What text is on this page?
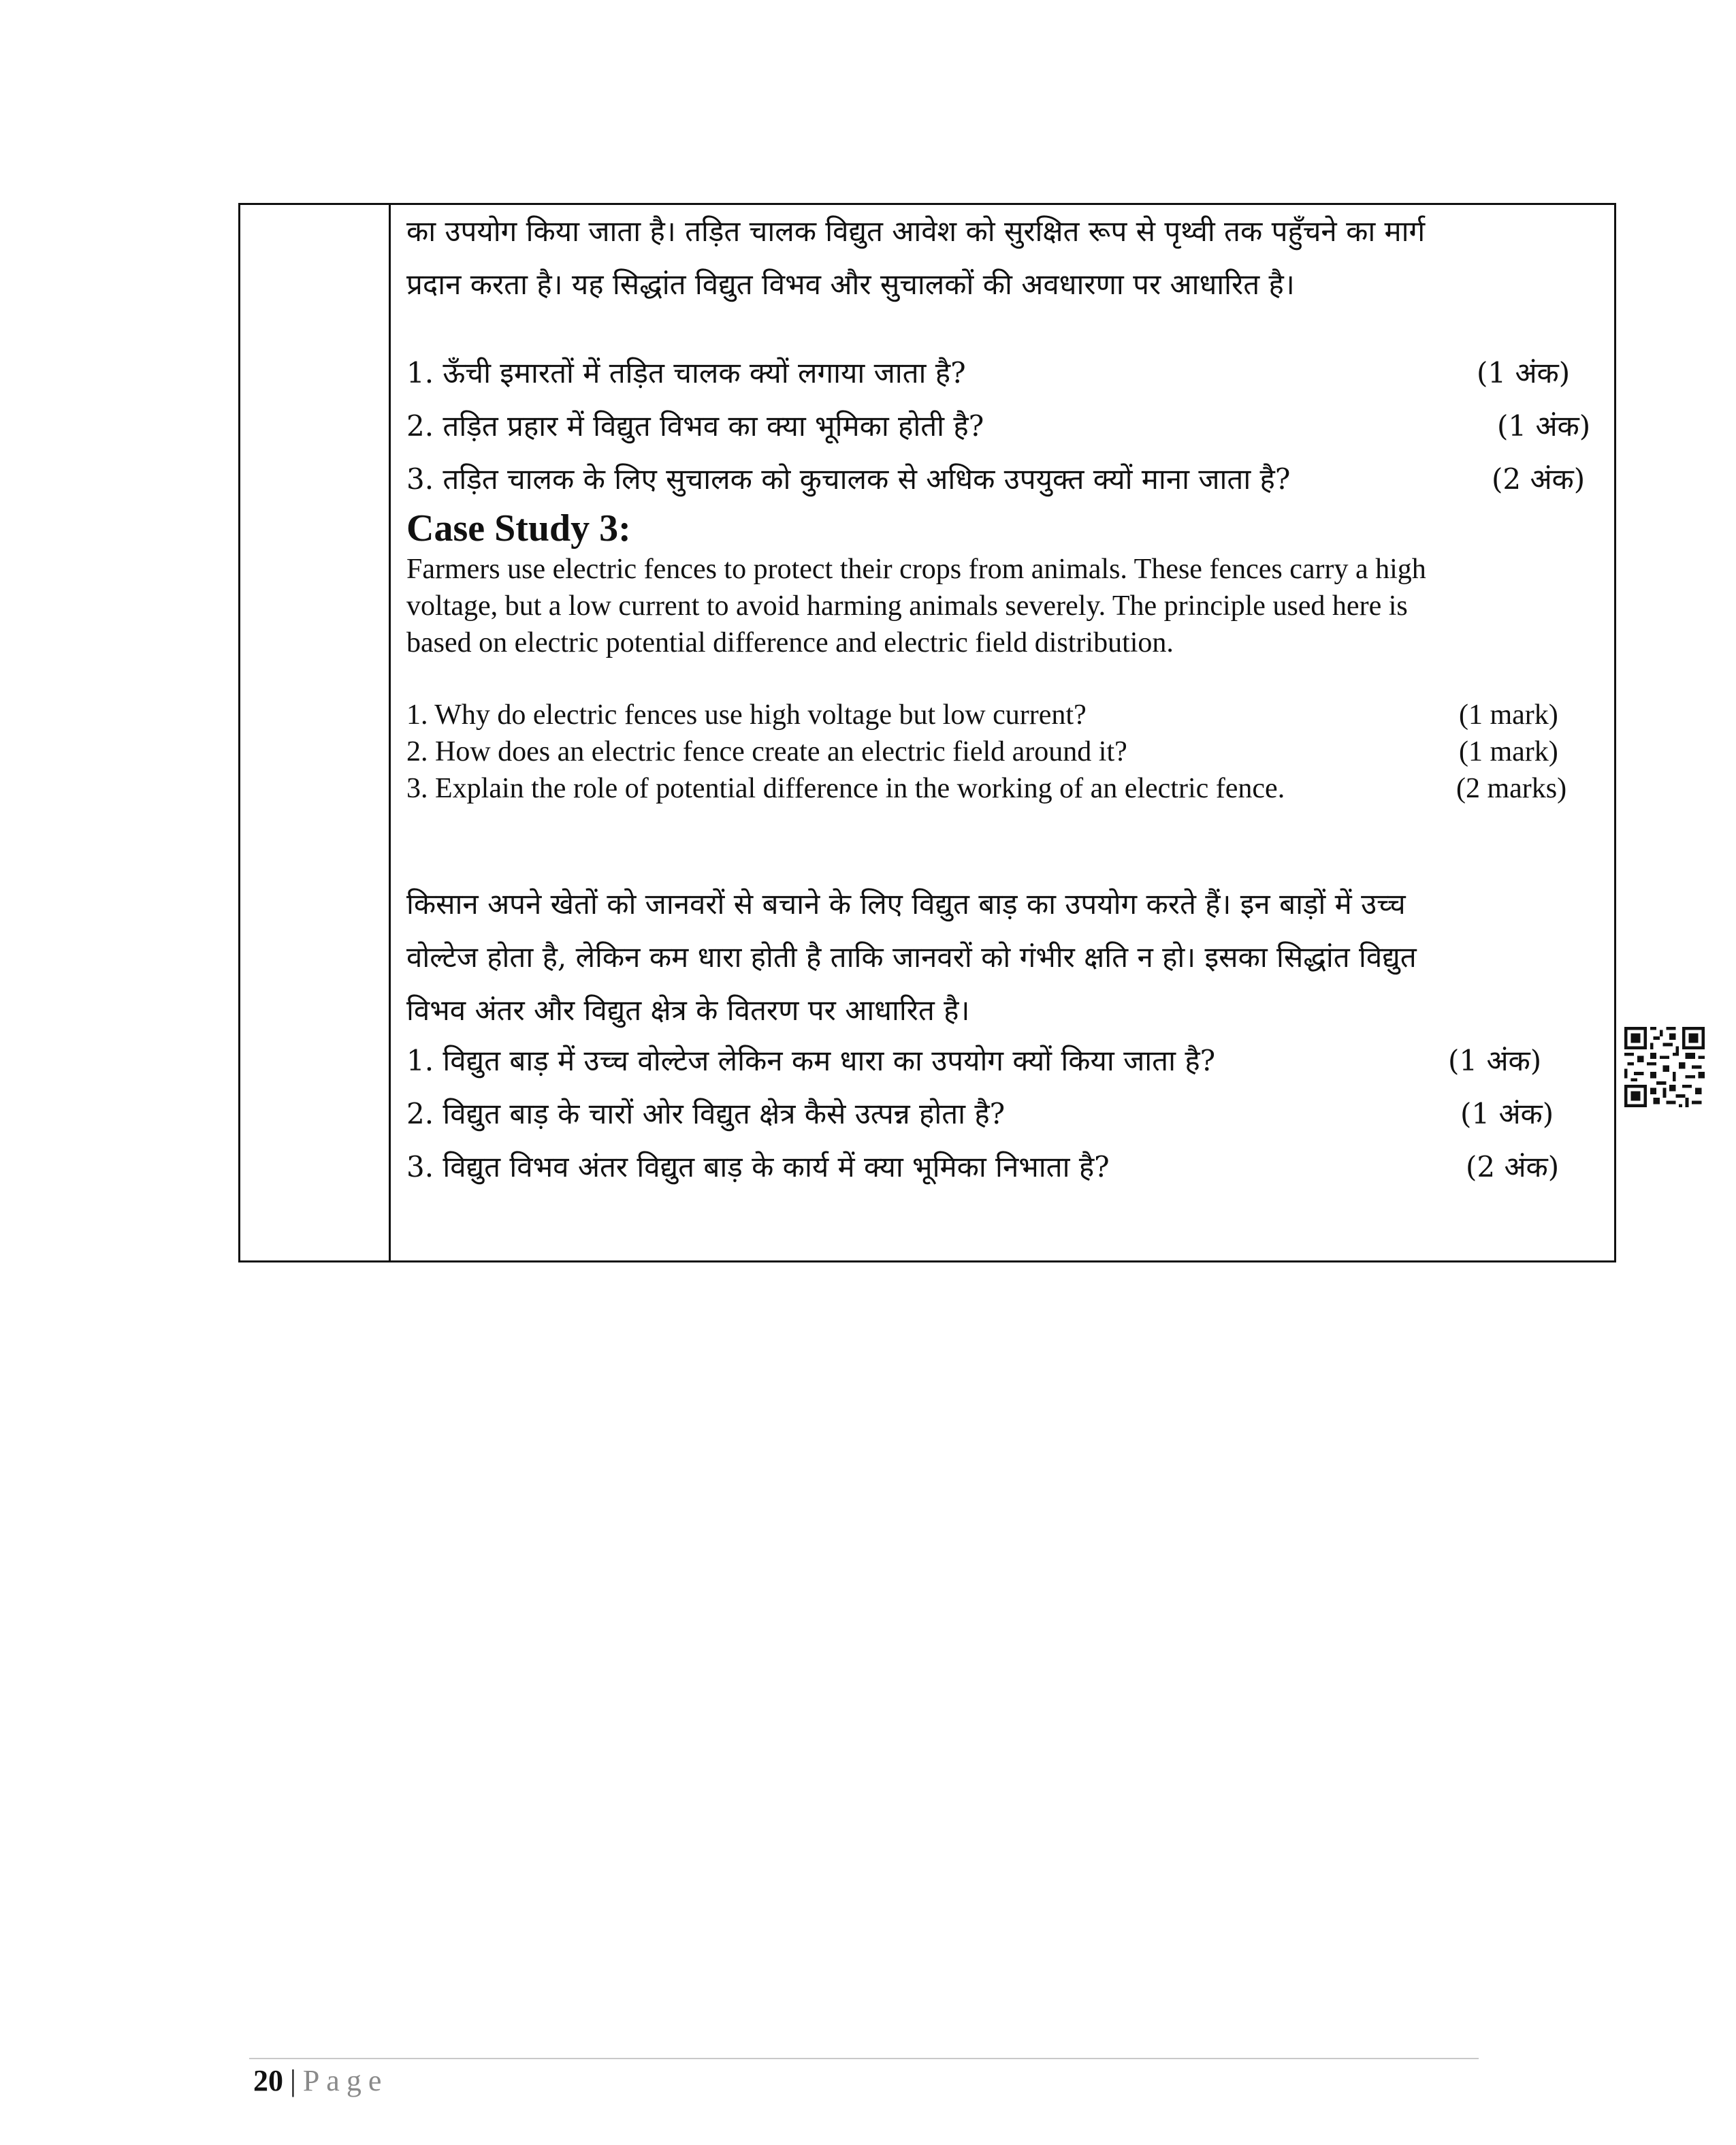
का उपयोग किया जाता है। तड़ित चालक विद्युत आवेश को सुरक्षित रूप से पृथ्वी तक पहुँचने का मार्ग
प्रदान करता है। यह सिद्धांत विद्युत विभव और सुचालकों की अवधारणा पर आधारित है।
1. ऊँची इमारतों में तड़ित चालक क्यों लगाया जाता है?	(1 अंक)
2. तड़ित प्रहार में विद्युत विभव का क्या भूमिका होती है?	(1 अंक)
3. तड़ित चालक के लिए सुचालक को कुचालक से अधिक उपयुक्त क्यों माना जाता है?	(2 अंक)
Case Study 3:
Farmers use electric fences to protect their crops from animals. These fences carry a high
voltage, but a low current to avoid harming animals severely. The principle used here is
based on electric potential difference and electric field distribution.
1. Why do electric fences use high voltage but low current?	(1 mark)
2. How does an electric fence create an electric field around it?	(1 mark)
3. Explain the role of potential difference in the working of an electric fence.	(2 marks)
किसान अपने खेतों को जानवरों से बचाने के लिए विद्युत बाड़ का उपयोग करते हैं। इन बाड़ों में उच्च
वोल्टेज होता है, लेकिन कम धारा होती है ताकि जानवरों को गंभीर क्षति न हो। इसका सिद्धांत विद्युत
विभव अंतर और विद्युत क्षेत्र के वितरण पर आधारित है।
1. विद्युत बाड़ में उच्च वोल्टेज लेकिन कम धारा का उपयोग क्यों किया जाता है?	(1 अंक)
2. विद्युत बाड़ के चारों ओर विद्युत क्षेत्र कैसे उत्पन्न होता है?	(1 अंक)
3. विद्युत विभव अंतर विद्युत बाड़ के कार्य में क्या भूमिका निभाता है?	(2 अंक)
20 | Page
